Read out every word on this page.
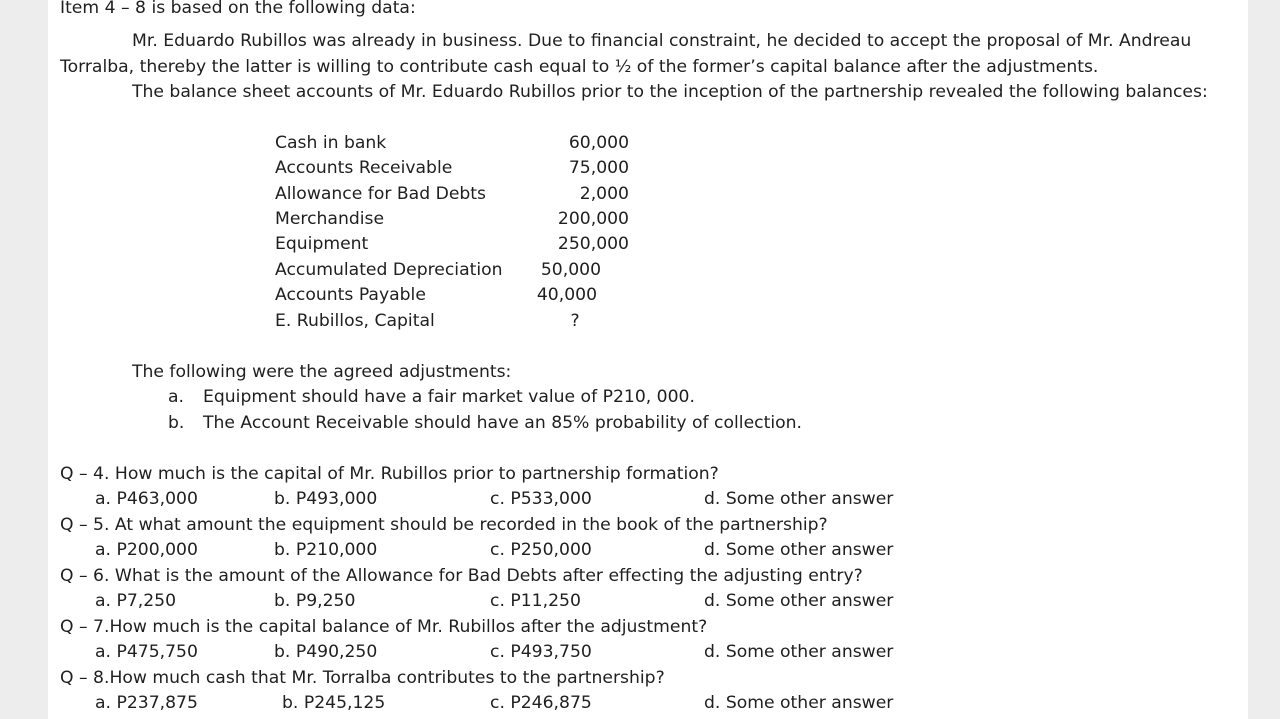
Item 4 – 8 is based on the following data:
Mr. Eduardo Rubillos was already in business. Due to financial constraint, he decided to accept the proposal of Mr. Andreau
Torralba, thereby the latter is willing to contribute cash equal to ½ of the former’s capital balance after the adjustments.
The balance sheet accounts of Mr. Eduardo Rubillos prior to the inception of the partnership revealed the following balances:
Cash in bank	60,000
Accounts Receivable	75,000
Allowance for Bad Debts	2,000
Merchandise	200,000
Equipment	250,000
Accumulated Depreciation	50,000
Accounts Payable	40,000
E. Rubillos, Capital	?
The following were the agreed adjustments:
a. Equipment should have a fair market value of P210, 000.
b. The Account Receivable should have an 85% probability of collection.
Q – 4. How much is the capital of Mr. Rubillos prior to partnership formation?
a. P463,000	b. P493,000	c. P533,000	d. Some other answer
Q – 5. At what amount the equipment should be recorded in the book of the partnership?
a. P200,000	b. P210,000	c. P250,000	d. Some other answer
Q – 6. What is the amount of the Allowance for Bad Debts after effecting the adjusting entry?
a. P7,250	b. P9,250	c. P11,250	d. Some other answer
Q – 7.How much is the capital balance of Mr. Rubillos after the adjustment?
a. P475,750	b. P490,250	c. P493,750	d. Some other answer
Q – 8.How much cash that Mr. Torralba contributes to the partnership?
a. P237,875	b. P245,125	c. P246,875	d. Some other answer
